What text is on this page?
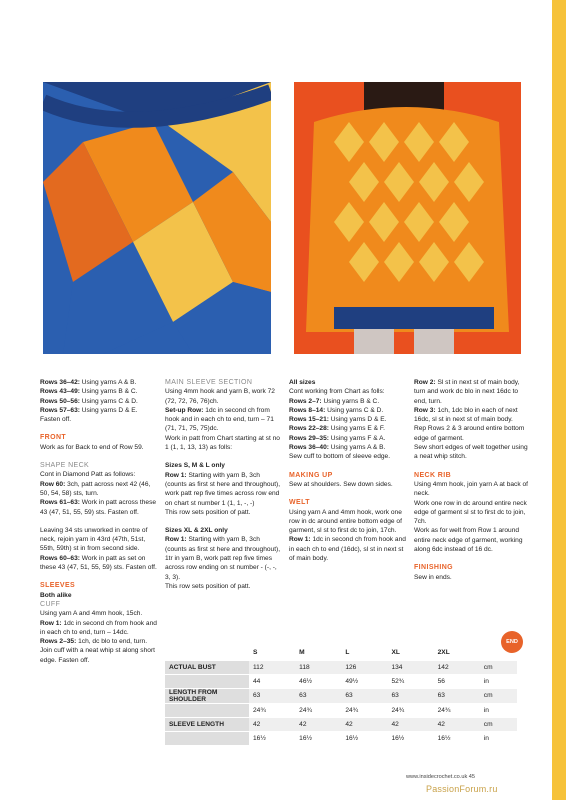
Rows 36–42: Using yarns A & B.

Rows 43–49: Using yarns B & C.

Rows 50–56: Using yarns C & D.

Rows 57–63: Using yarns D & E.

Fasten off.

FRONT

Work as for Back to end of Row 59.

SHAPE NECK

Cont in Diamond Patt as follows:

Row 60: 3ch, patt across next 42 (46, 50, 54, 58) sts, turn.

Rows 61–63: Work in patt across these 43 (47, 51, 55, 59) sts. Fasten off.

Leaving 34 sts unworked in centre of neck, rejoin yarn in 43rd (47th, 51st, 55th, 59th) st in from second side.

Rows 60–63: Work in patt as set on these 43 (47, 51, 55, 59) sts. Fasten off.

SLEEVES

Both alike

CUFF

Using yarn A and 4mm hook, 15ch.

Row 1: 1dc in second ch from hook and in each ch to end, turn – 14dc.

Rows 2–35: 1ch, dc blo to end, turn.

Join cuff with a neat whip st along short edge. Fasten off.

MAIN SLEEVE SECTION

Using 4mm hook and yarn B, work 72 (72, 72, 76, 76)ch.

Set-up Row: 1dc in second ch from hook and in each ch to end, turn – 71 (71, 71, 75, 75)dc.

Work in patt from Chart starting at st no 1 (1, 1, 13, 13) as folls:

Sizes S, M & L only

Row 1: Starting with yarn B, 3ch (counts as first st here and throughout), work patt rep five times across row end on chart st number 1 (1, 1, -, -)

This row sets position of patt.

Sizes XL & 2XL only

Row 1: Starting with yarn B, 3ch (counts as first st here and throughout), 1tr in yarn B, work patt rep five times across row ending on st number - (-, -, 3, 3).

This row sets position of patt.

All sizes

Cont working from Chart as folls:

Rows 2–7: Using yarns B & C.

Rows 8–14: Using yarns C & D.

Rows 15–21: Using yarns D & E.

Rows 22–28: Using yarns E & F.

Rows 29–35: Using yarns F & A.

Rows 36–40: Using yarns A & B.

Sew cuff to bottom of sleeve edge.

MAKING UP

Sew at shoulders. Sew down sides.

WELT

Using yarn A and 4mm hook, work one row in dc around entire bottom edge of garment, sl st to first dc to join, 17ch.

Row 1: 1dc in second ch from hook and in each ch to end (16dc), sl st in next st of main body.

Row 2: Sl st in next st of main body, turn and work dc blo in next 16dc to end, turn.

Row 3: 1ch, 1dc blo in each of next 16dc, sl st in next st of main body.

Rep Rows 2 & 3 around entire bottom edge of garment.

Sew short edges of welt together using a neat whip stitch.

NECK RIB

Using 4mm hook, join yarn A at back of neck.

Work one row in dc around entire neck edge of garment sl st to first dc to join, 7ch.

Work as for welt from Row 1 around entire neck edge of garment, working along 6dc instead of 16 dc.

FINISHING

Sew in ends.

END
	S	M	L	XL	2XL	
ACTUAL BUST	112	118	126	134	142	cm
	44	46½	49½	52¾	56	in
LENGTH FROM SHOULDER	63	63	63	63	63	cm
	24¾	24¾	24¾	24¾	24¾	in
SLEEVE LENGTH	42	42	42	42	42	cm
	16½	16½	16½	16½	16½	in
www.insidecrochet.co.uk 45
PassionForum.ru
